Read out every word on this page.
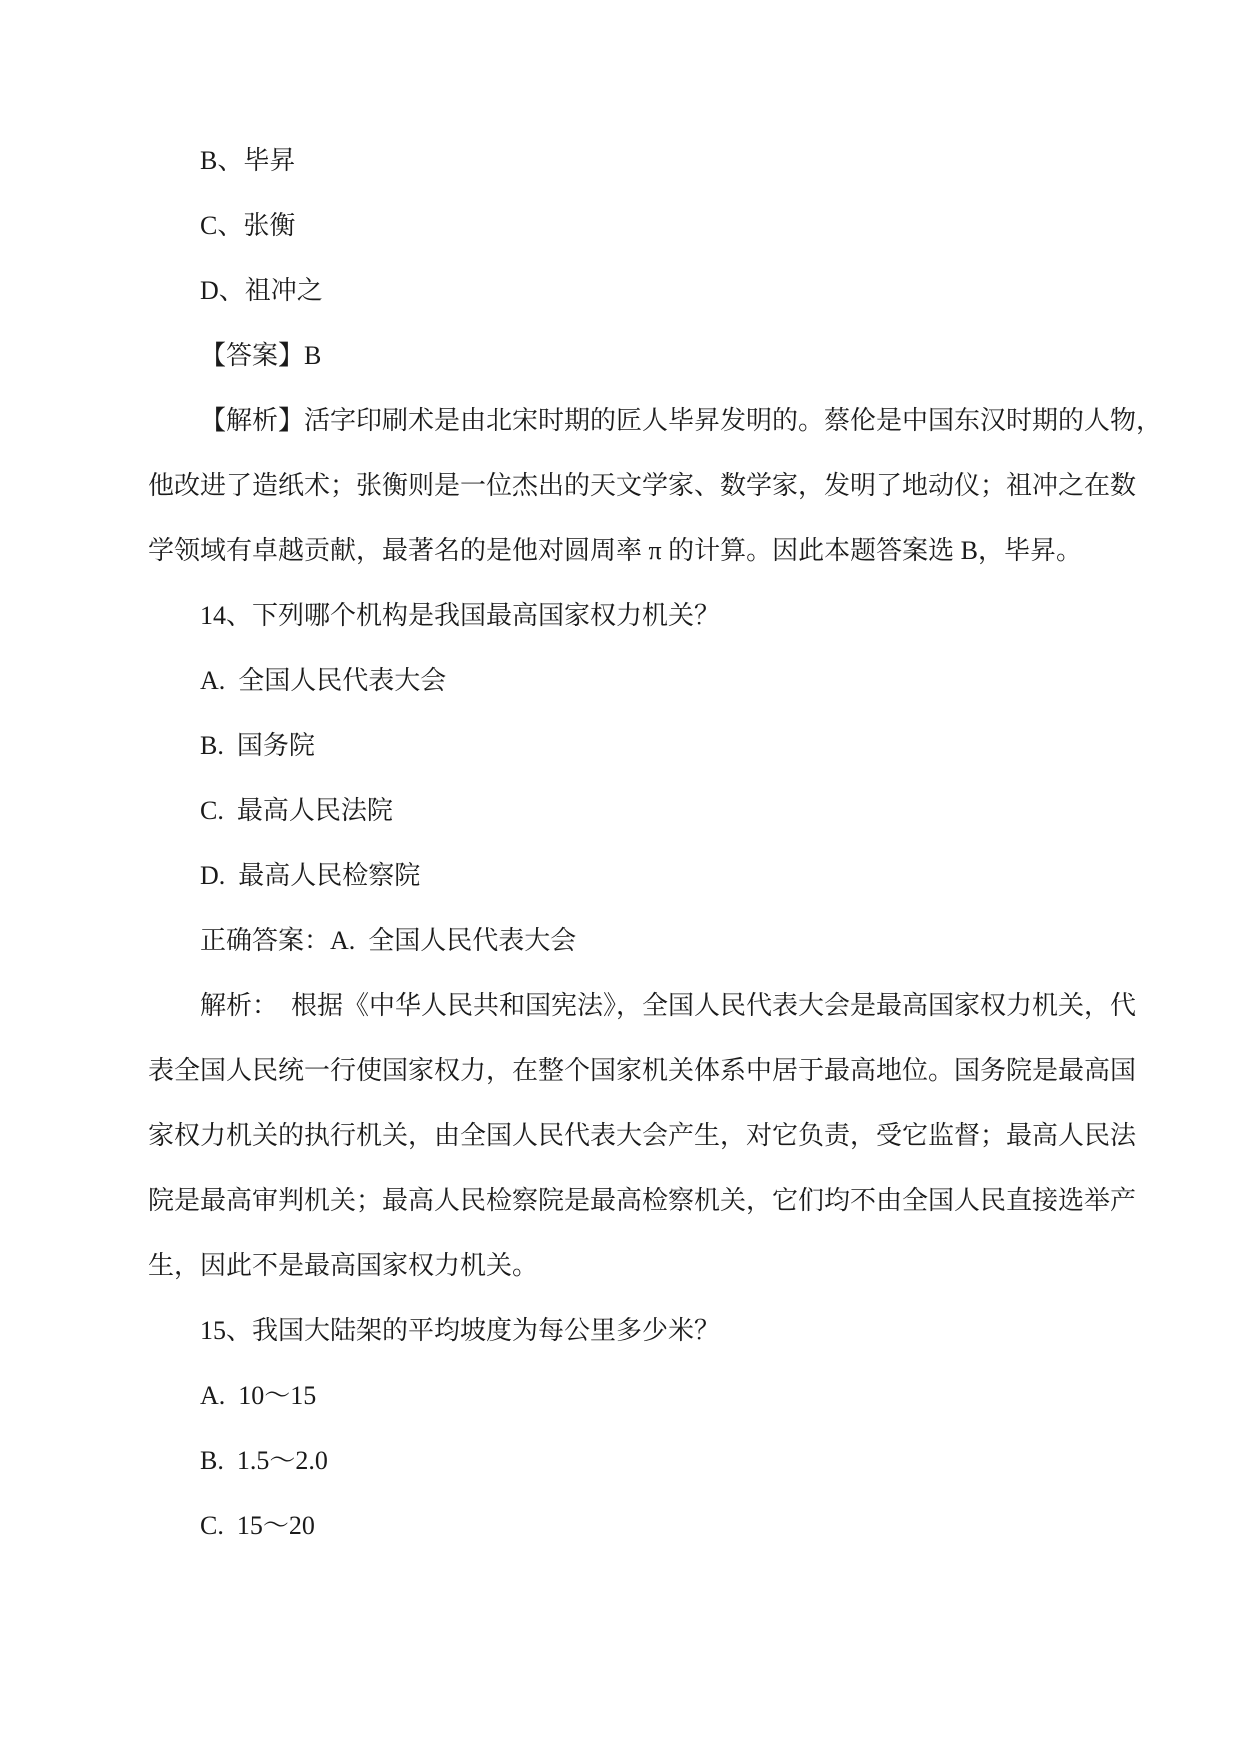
B、毕昇
C、张衡
D、祖冲之
【答案】B
【解析】活字印刷术是由北宋时期的匠人毕昇发明的。蔡伦是中国东汉时期的人物，
他改进了造纸术；张衡则是一位杰出的天文学家、数学家，发明了地动仪；祖冲之在数
学领域有卓越贡献，最著名的是他对圆周率 π 的计算。因此本题答案选 B，毕昇。
14、下列哪个机构是我国最高国家权力机关？
A.  全国人民代表大会
B.  国务院
C.  最高人民法院
D.  最高人民检察院
正确答案：A.  全国人民代表大会
解析：  根据《中华人民共和国宪法》，全国人民代表大会是最高国家权力机关，代
表全国人民统一行使国家权力，在整个国家机关体系中居于最高地位。国务院是最高国
家权力机关的执行机关，由全国人民代表大会产生，对它负责，受它监督；最高人民法
院是最高审判机关；最高人民检察院是最高检察机关，它们均不由全国人民直接选举产
生，因此不是最高国家权力机关。
15、我国大陆架的平均坡度为每公里多少米？
A.  10～15
B.  1.5～2.0
C.  15～20
